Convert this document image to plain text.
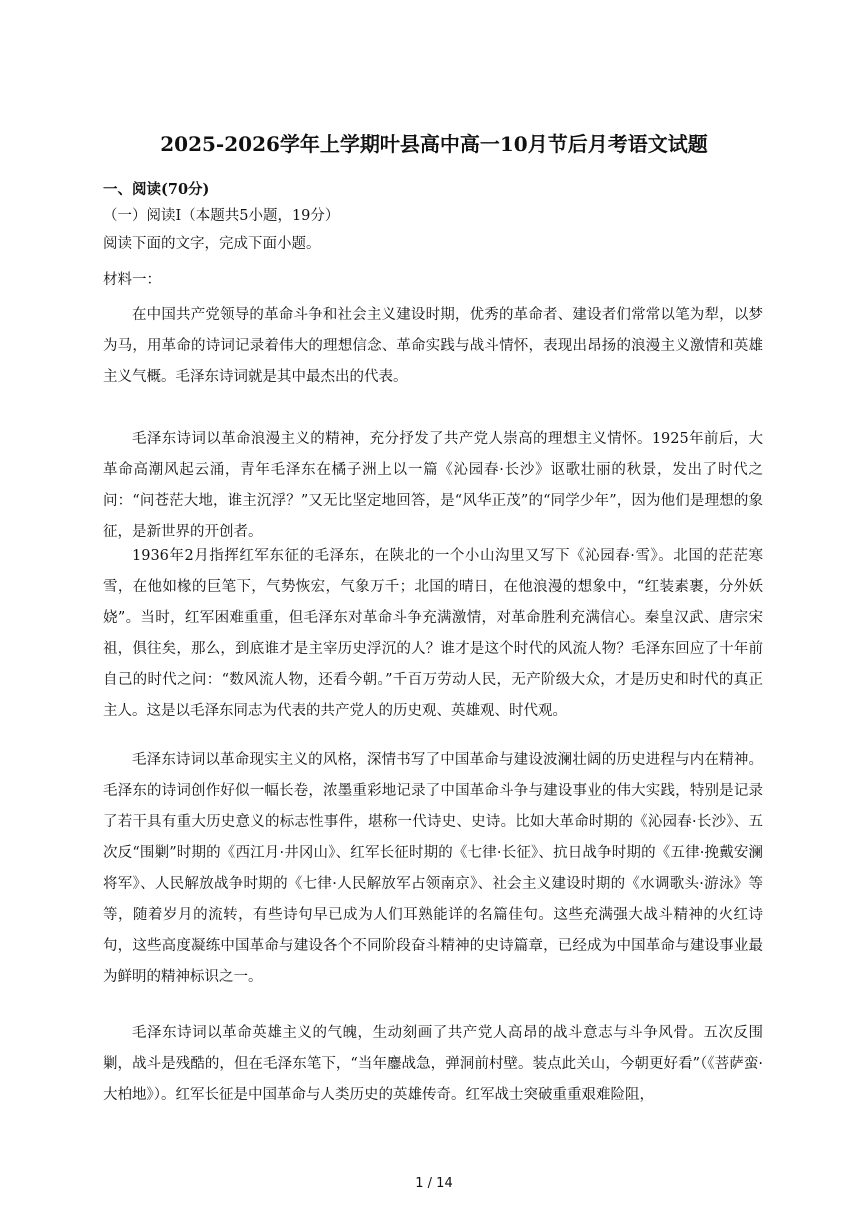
2025-2026学年上学期叶县高中高一10月节后月考语文试题
一、阅读(70分)
（一）阅读I（本题共5小题，19分）
阅读下面的文字，完成下面小题。
材料一：

在中国共产党领导的革命斗争和社会主义建设时期，优秀的革命者、建设者们常常以笔为犁，以梦为马，用革命的诗词记录着伟大的理想信念、革命实践与战斗情怀，表现出昂扬的浪漫主义激情和英雄主义气概。毛泽东诗词就是其中最杰出的代表。

毛泽东诗词以革命浪漫主义的精神，充分抒发了共产党人崇高的理想主义情怀。1925年前后，大革命高潮风起云涌，青年毛泽东在橘子洲上以一篇《沁园春·长沙》讴歌壮丽的秋景，发出了时代之问：“问苍茫大地，谁主沉浮？”又无比坚定地回答，是“风华正茂”的“同学少年”，因为他们是理想的象征，是新世界的开创者。

1936年2月指挥红军东征的毛泽东，在陕北的一个小山沟里又写下《沁园春·雪》。北国的茫茫寒雪，在他如椽的巨笔下，气势恢宏，气象万千；北国的晴日，在他浪漫的想象中，“红装素裹，分外妖娆”。当时，红军困难重重，但毛泽东对革命斗争充满激情，对革命胜利充满信心。秦皇汉武、唐宗宋祖，俱往矣，那么，到底谁才是主宰历史浮沉的人？谁才是这个时代的风流人物？毛泽东回应了十年前自己的时代之问：“数风流人物，还看今朝。”千百万劳动人民，无产阶级大众，才是历史和时代的真正主人。这是以毛泽东同志为代表的共产党人的历史观、英雄观、时代观。

毛泽东诗词以革命现实主义的风格，深情书写了中国革命与建设波澜壮阔的历史进程与内在精神。毛泽东的诗词创作好似一幅长卷，浓墨重彩地记录了中国革命斗争与建设事业的伟大实践，特别是记录了若干具有重大历史意义的标志性事件，堪称一代诗史、史诗。比如大革命时期的《沁园春·长沙》、五次反“围剿”时期的《西江月·井冈山》、红军长征时期的《七律·长征》、抗日战争时期的《五律·挽戴安澜将军》、人民解放战争时期的《七律·人民解放军占领南京》、社会主义建设时期的《水调歌头·游泳》等等，随着岁月的流转，有些诗句早已成为人们耳熟能详的名篇佳句。这些充满强大战斗精神的火红诗句，这些高度凝练中国革命与建设各个不同阶段奋斗精神的史诗篇章，已经成为中国革命与建设事业最为鲜明的精神标识之一。

毛泽东诗词以革命英雄主义的气魄，生动刻画了共产党人高昂的战斗意志与斗争风骨。五次反围剿，战斗是残酷的，但在毛泽东笔下，“当年鏖战急，弹洞前村壁。装点此关山，今朝更好看”（《菩萨蛮·大柏地》）。红军长征是中国革命与人类历史的英雄传奇。红军战士突破重重艰难险阻，

1 / 14
